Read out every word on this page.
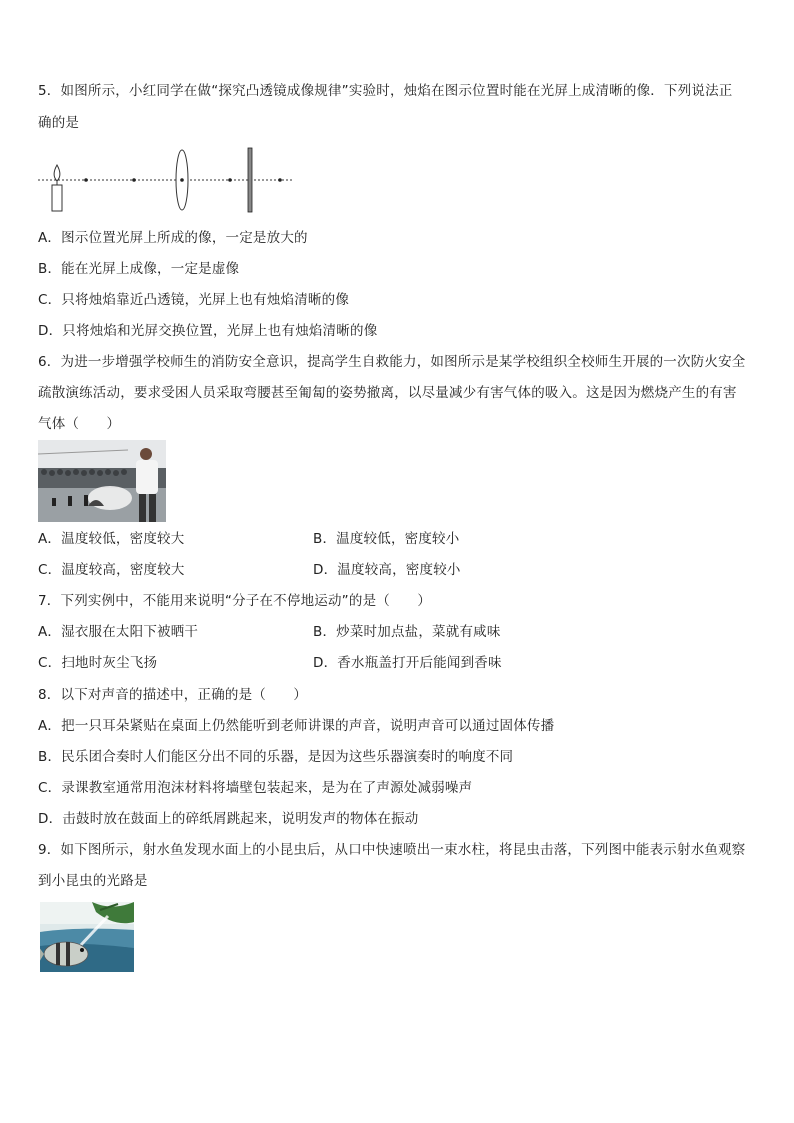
5．如图所示，小红同学在做“探究凸透镜成像规律”实验时，烛焰在图示位置时能在光屏上成清晰的像．下列说法正
确的是
A．图示位置光屏上所成的像，一定是放大的
B．能在光屏上成像，一定是虚像
C．只将烛焰靠近凸透镜，光屏上也有烛焰清晰的像
D．只将烛焰和光屏交换位置，光屏上也有烛焰清晰的像
6．为进一步增强学校师生的消防安全意识，提高学生自救能力，如图所示是某学校组织全校师生开展的一次防火安全
疏散演练活动，要求受困人员采取弯腰甚至匍匐的姿势撤离，以尽量减少有害气体的吸入。这是因为燃烧产生的有害
气体（　　）
A．温度较低，密度较大	B．温度较低，密度较小
C．温度较高，密度较大	D．温度较高，密度较小
7．下列实例中，不能用来说明“分子在不停地运动”的是（　　）
A．湿衣服在太阳下被晒干	B．炒菜时加点盐，菜就有咸味
C．扫地时灰尘飞扬	D．香水瓶盖打开后能闻到香味
8．以下对声音的描述中，正确的是（　　）
A．把一只耳朵紧贴在桌面上仍然能听到老师讲课的声音，说明声音可以通过固体传播
B．民乐团合奏时人们能区分出不同的乐器，是因为这些乐器演奏时的响度不同
C．录课教室通常用泡沫材料将墙壁包装起来，是为在了声源处减弱噪声
D．击鼓时放在鼓面上的碎纸屑跳起来，说明发声的物体在振动
9．如下图所示，射水鱼发现水面上的小昆虫后，从口中快速喷出一束水柱，将昆虫击落，下列图中能表示射水鱼观察
到小昆虫的光路是
